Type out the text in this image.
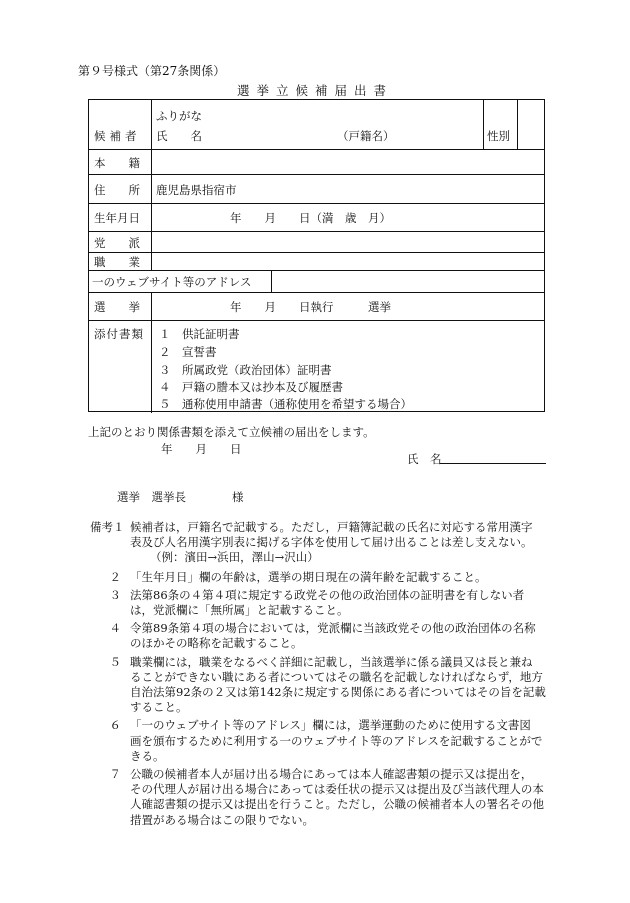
第９号様式（第27条関係）
選挙立候補届出書
ふりがな
候補者 氏　　名	（戸籍名）	性別
本　　籍
住　　所 鹿児島県指宿市
生年月日	年　　月　　日（満　歳　月）
党　　派
職　　業
一のウェブサイト等のアドレス
選　　挙	年　　月　　日執行　　　選挙
添付書類 １　供託証明書
２　宣誓書
３　所属政党（政治団体）証明書
４　戸籍の謄本又は抄本及び履歴書
５　通称使用申請書（通称使用を希望する場合）
上記のとおり関係書類を添えて立候補の届出をします。
年　　月　　日
氏　名
選挙　選挙長　　　　様
備考１ 候補者は，戸籍名で記載する。ただし，戸籍簿記載の氏名に対応する常用漢字
表及び人名用漢字別表に掲げる字体を使用して届け出ることは差し支えない。
（例：濱田→浜田，澤山→沢山）
２ 「生年月日」欄の年齢は，選挙の期日現在の満年齢を記載すること。
３ 法第86条の４第４項に規定する政党その他の政治団体の証明書を有しない者
は，党派欄に「無所属」と記載すること。
４ 令第89条第４項の場合においては，党派欄に当該政党その他の政治団体の名称
のほかその略称を記載すること。
５ 職業欄には，職業をなるべく詳細に記載し，当該選挙に係る議員又は長と兼ね
ることができない職にある者についてはその職名を記載しなければならず，地方
自治法第92条の２又は第142条に規定する関係にある者についてはその旨を記載
すること。
６ 「一のウェブサイト等のアドレス」欄には，選挙運動のために使用する文書図
画を頒布するために利用する一のウェブサイト等のアドレスを記載することがで
きる。
７ 公職の候補者本人が届け出る場合にあっては本人確認書類の提示又は提出を，
その代理人が届け出る場合にあっては委任状の提示又は提出及び当該代理人の本
人確認書類の提示又は提出を行うこと。ただし，公職の候補者本人の署名その他
措置がある場合はこの限りでない。
